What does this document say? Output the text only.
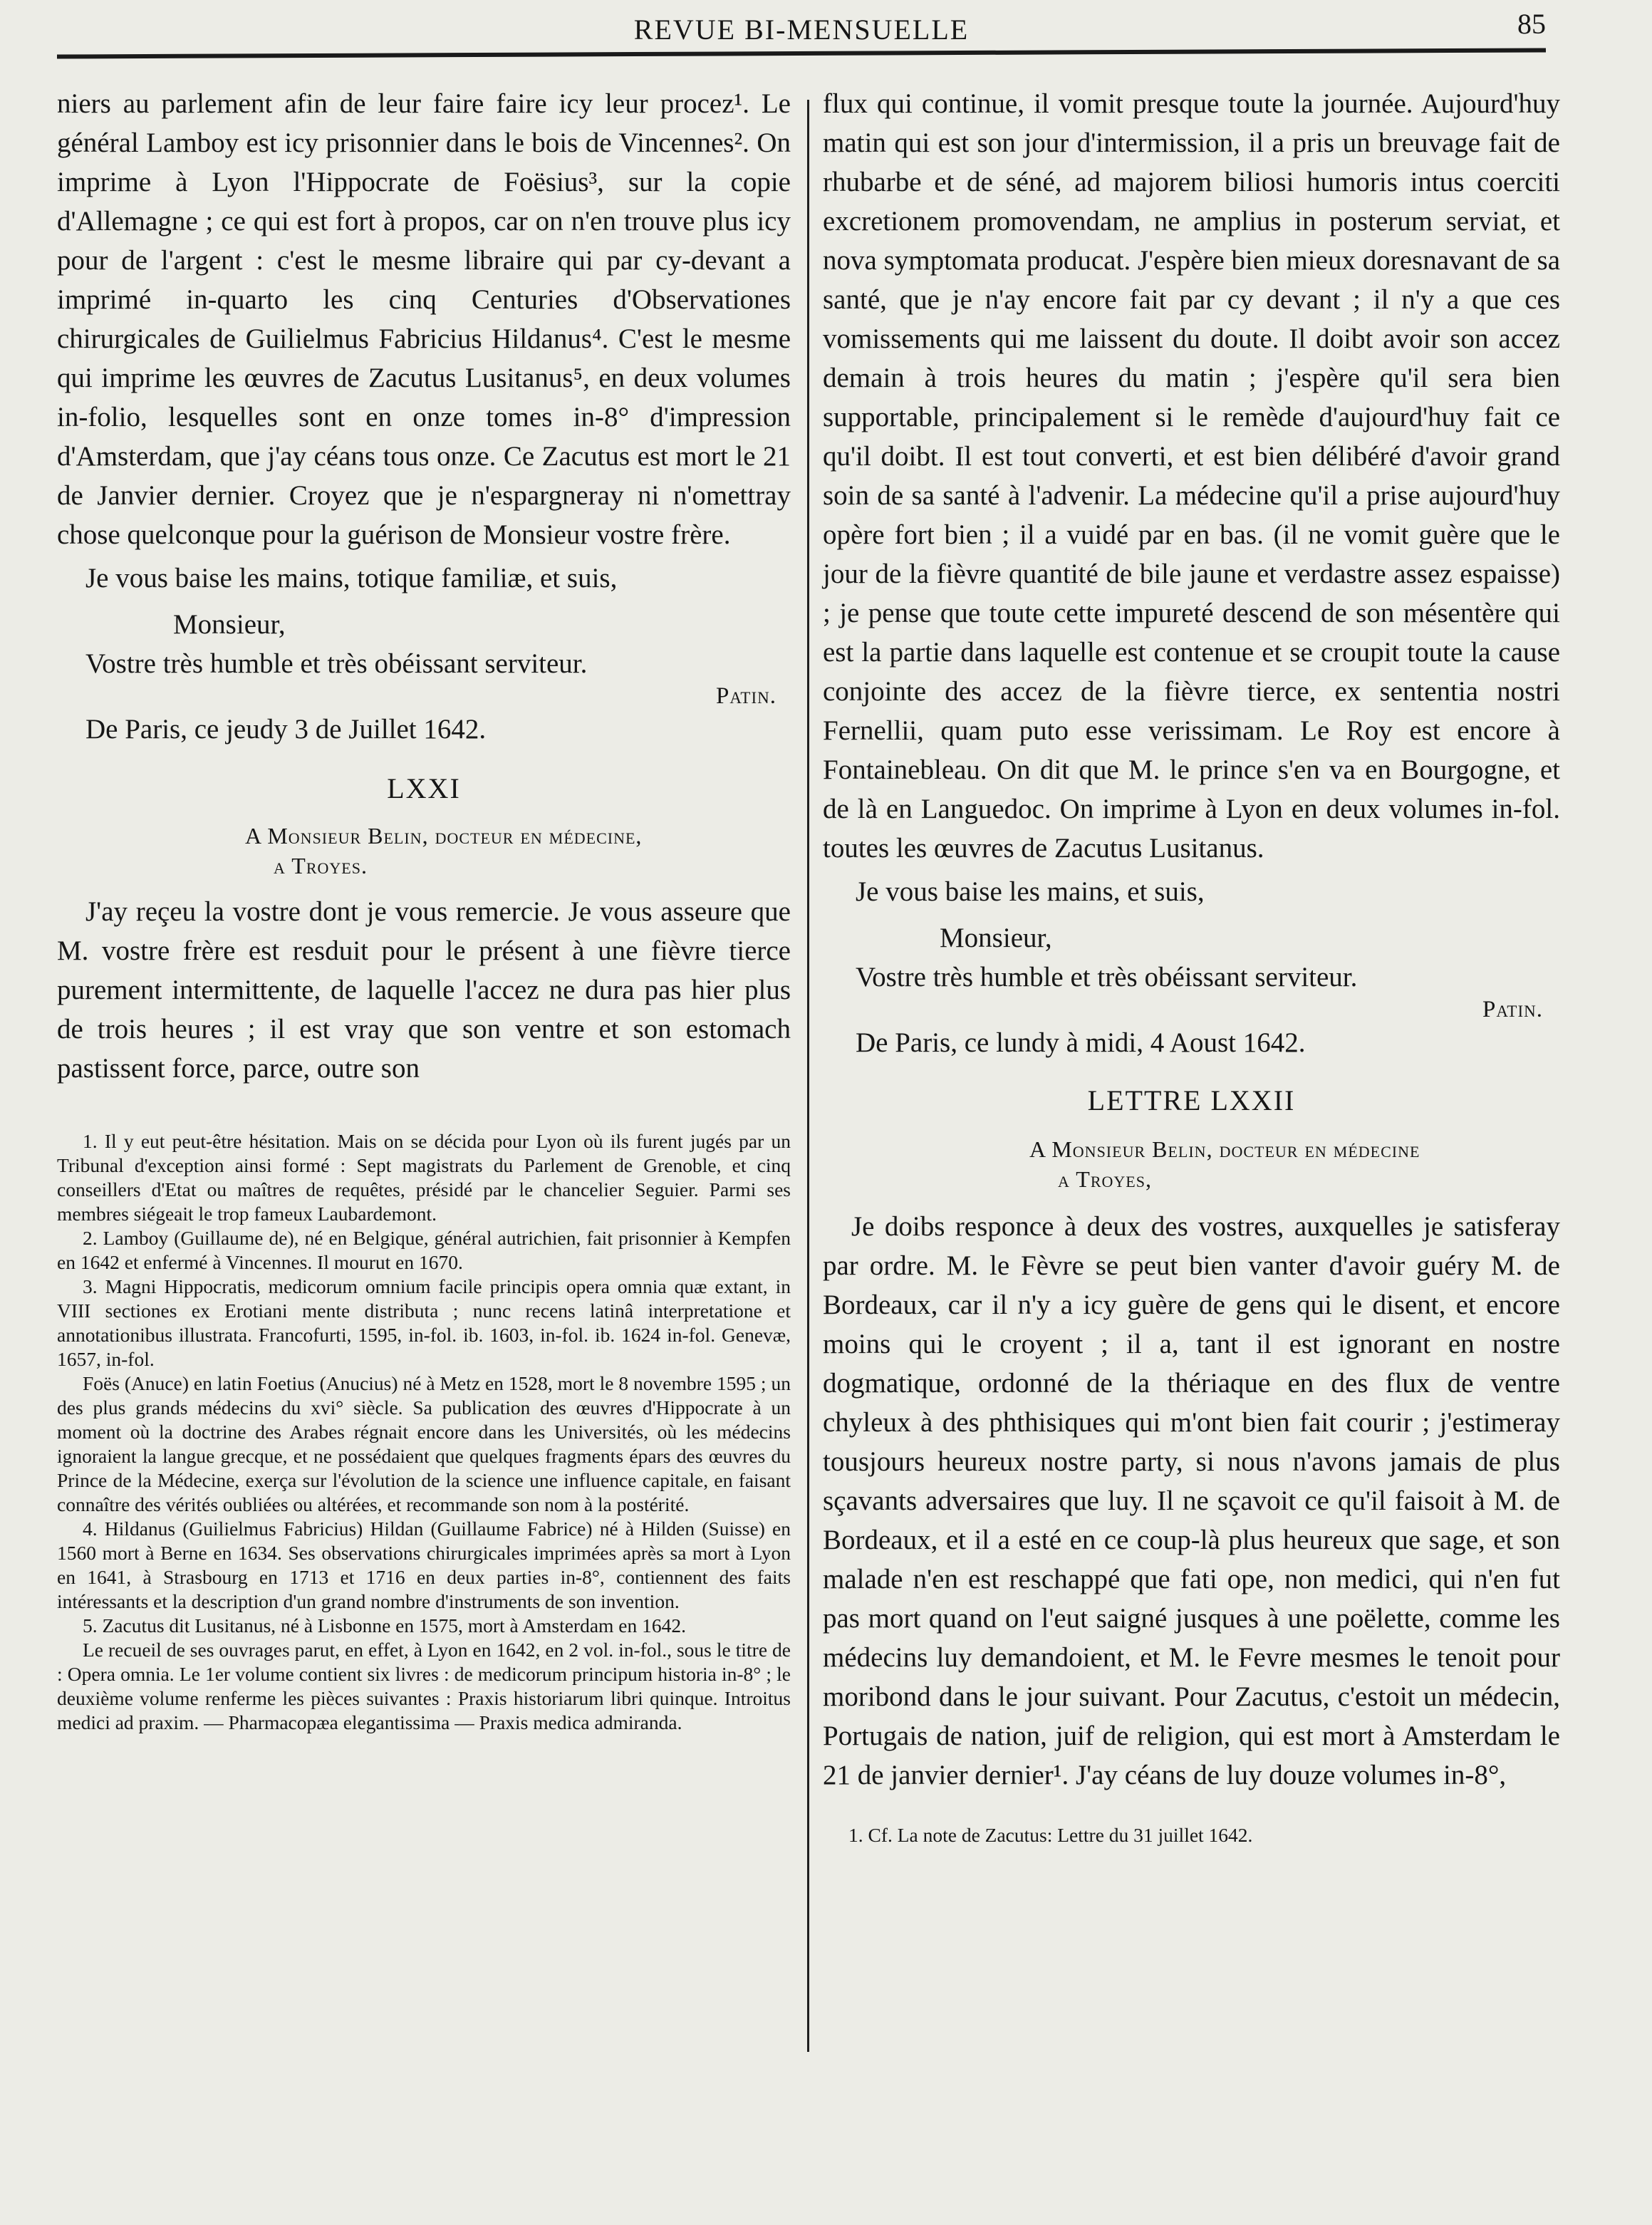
REVUE BI-MENSUELLE	85

niers au parlement afin de leur faire faire icy leur procez¹. Le général Lamboy est icy prisonnier dans le bois de Vincennes². On imprime à Lyon l'Hippocrate de Foësius³, sur la copie d'Allemagne ; ce qui est fort à propos, car on n'en trouve plus icy pour de l'argent : c'est le mesme libraire qui par cy-devant a imprimé in-quarto les cinq Centuries d'Observationes chirurgicales de Guilielmus Fabricius Hildanus⁴. C'est le mesme qui imprime les œuvres de Zacutus Lusitanus⁵, en deux volumes in-folio, lesquelles sont en onze tomes in-8° d'impression d'Amsterdam, que j'ay céans tous onze. Ce Zacutus est mort le 21 de Janvier dernier. Croyez que je n'espargneray ni n'omettray chose quelconque pour la guérison de Monsieur vostre frère.

Je vous baise les mains, totique familiæ, et suis,

Monsieur,

Vostre très humble et très obéissant serviteur.

Patin.

De Paris, ce jeudy 3 de Juillet 1642.

LXXI

A Monsieur Belin, docteur en médecine,
a Troyes.

J'ay reçeu la vostre dont je vous remercie. Je vous asseure que M. vostre frère est resduit pour le présent à une fièvre tierce purement intermittente, de laquelle l'accez ne dura pas hier plus de trois heures ; il est vray que son ventre et son estomach pastissent force, parce, outre son

1. Il y eut peut-être hésitation. Mais on se décida pour Lyon où ils furent jugés par un Tribunal d'exception ainsi formé : Sept magistrats du Parlement de Grenoble, et cinq conseillers d'Etat ou maîtres de requêtes, présidé par le chancelier Seguier. Parmi ses membres siégeait le trop fameux Laubardemont.

2. Lamboy (Guillaume de), né en Belgique, général autrichien, fait prisonnier à Kempfen en 1642 et enfermé à Vincennes. Il mourut en 1670.

3. Magni Hippocratis, medicorum omnium facile principis opera omnia quæ extant, in VIII sectiones ex Erotiani mente distributa ; nunc recens latinâ interpretatione et annotationibus illustrata. Francofurti, 1595, in-fol. ib. 1603, in-fol. ib. 1624 in-fol. Genevæ, 1657, in-fol.

Foës (Anuce) en latin Foetius (Anucius) né à Metz en 1528, mort le 8 novembre 1595 ; un des plus grands médecins du xvi° siècle. Sa publication des œuvres d'Hippocrate à un moment où la doctrine des Arabes régnait encore dans les Universités, où les médecins ignoraient la langue grecque, et ne possédaient que quelques fragments épars des œuvres du Prince de la Médecine, exerça sur l'évolution de la science une influence capitale, en faisant connaître des vérités oubliées ou altérées, et recommande son nom à la postérité.

4. Hildanus (Guilielmus Fabricius) Hildan (Guillaume Fabrice) né à Hilden (Suisse) en 1560 mort à Berne en 1634. Ses observations chirurgicales imprimées après sa mort à Lyon en 1641, à Strasbourg en 1713 et 1716 en deux parties in-8°, contiennent des faits intéressants et la description d'un grand nombre d'instruments de son invention.

5. Zacutus dit Lusitanus, né à Lisbonne en 1575, mort à Amsterdam en 1642.

Le recueil de ses ouvrages parut, en effet, à Lyon en 1642, en 2 vol. in-fol., sous le titre de : Opera omnia. Le 1er volume contient six livres : de medicorum principum historia in-8° ; le deuxième volume renferme les pièces suivantes : Praxis historiarum libri quinque. Introitus medici ad praxim. — Pharmacopæa elegantissima — Praxis medica admiranda.

flux qui continue, il vomit presque toute la journée. Aujourd'huy matin qui est son jour d'intermission, il a pris un breuvage fait de rhubarbe et de séné, ad majorem biliosi humoris intus coerciti excretionem promovendam, ne amplius in posterum serviat, et nova symptomata producat. J'espère bien mieux doresnavant de sa santé, que je n'ay encore fait par cy devant ; il n'y a que ces vomissements qui me laissent du doute. Il doibt avoir son accez demain à trois heures du matin ; j'espère qu'il sera bien supportable, principalement si le remède d'aujourd'huy fait ce qu'il doibt. Il est tout converti, et est bien délibéré d'avoir grand soin de sa santé à l'advenir. La médecine qu'il a prise aujourd'huy opère fort bien ; il a vuidé par en bas. (il ne vomit guère que le jour de la fièvre quantité de bile jaune et verdastre assez espaisse) ; je pense que toute cette impureté descend de son mésentère qui est la partie dans laquelle est contenue et se croupit toute la cause conjointe des accez de la fièvre tierce, ex sententia nostri Fernellii, quam puto esse verissimam. Le Roy est encore à Fontainebleau. On dit que M. le prince s'en va en Bourgogne, et de là en Languedoc. On imprime à Lyon en deux volumes in-fol. toutes les œuvres de Zacutus Lusitanus.

Je vous baise les mains, et suis,

Monsieur,

Vostre très humble et très obéissant serviteur.

Patin.

De Paris, ce lundy à midi, 4 Aoust 1642.

LETTRE LXXII

A Monsieur Belin, docteur en médecine
a Troyes,

Je doibs responce à deux des vostres, auxquelles je satisferay par ordre. M. le Fèvre se peut bien vanter d'avoir guéry M. de Bordeaux, car il n'y a icy guère de gens qui le disent, et encore moins qui le croyent ; il a, tant il est ignorant en nostre dogmatique, ordonné de la thériaque en des flux de ventre chyleux à des phthisiques qui m'ont bien fait courir ; j'estimeray tousjours heureux nostre party, si nous n'avons jamais de plus sçavants adversaires que luy. Il ne sçavoit ce qu'il faisoit à M. de Bordeaux, et il a esté en ce coup-là plus heureux que sage, et son malade n'en est reschappé que fati ope, non medici, qui n'en fut pas mort quand on l'eut saigné jusques à une poëlette, comme les médecins luy demandoient, et M. le Fevre mesmes le tenoit pour moribond dans le jour suivant. Pour Zacutus, c'estoit un médecin, Portugais de nation, juif de religion, qui est mort à Amsterdam le 21 de janvier dernier¹. J'ay céans de luy douze volumes in-8°,

1. Cf. La note de Zacutus: Lettre du 31 juillet 1642.
